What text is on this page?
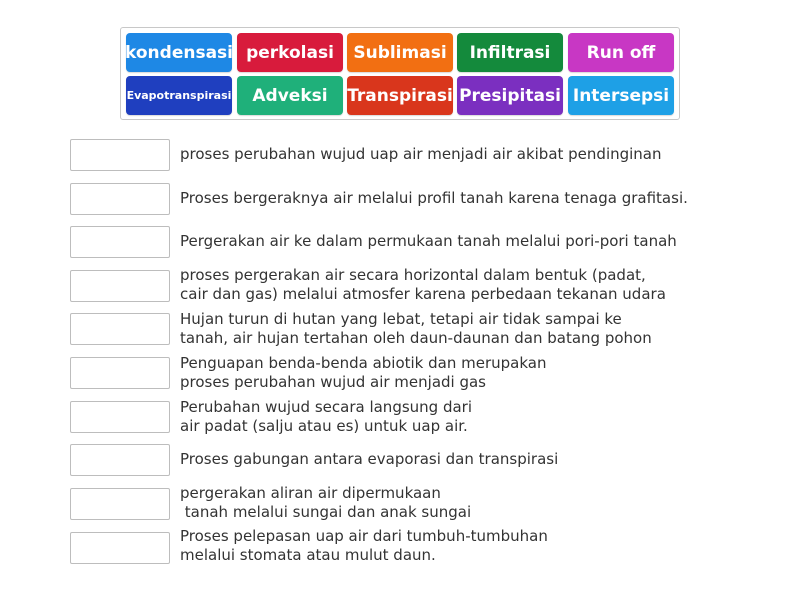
kondensasi perkolasi	Sublimasi	Infiltrasi	Run off
Evapotranspirasi	Adveksi	Transpirasi Presipitasi Intersepsi
proses perubahan wujud uap air menjadi air akibat pendinginan
Proses bergeraknya air melalui profil tanah karena tenaga grafitasi.
Pergerakan air ke dalam permukaan tanah melalui pori-pori tanah
proses pergerakan air secara horizontal dalam bentuk (padat,
cair dan gas) melalui atmosfer karena perbedaan tekanan udara
Hujan turun di hutan yang lebat, tetapi air tidak sampai ke
tanah, air hujan tertahan oleh daun-daunan dan batang pohon
Penguapan benda-benda abiotik dan merupakan
proses perubahan wujud air menjadi gas
Perubahan wujud secara langsung dari
air padat (salju atau es) untuk uap air.
Proses gabungan antara evaporasi dan transpirasi
pergerakan aliran air dipermukaan
tanah melalui sungai dan anak sungai
Proses pelepasan uap air dari tumbuh-tumbuhan
melalui stomata atau mulut daun.
